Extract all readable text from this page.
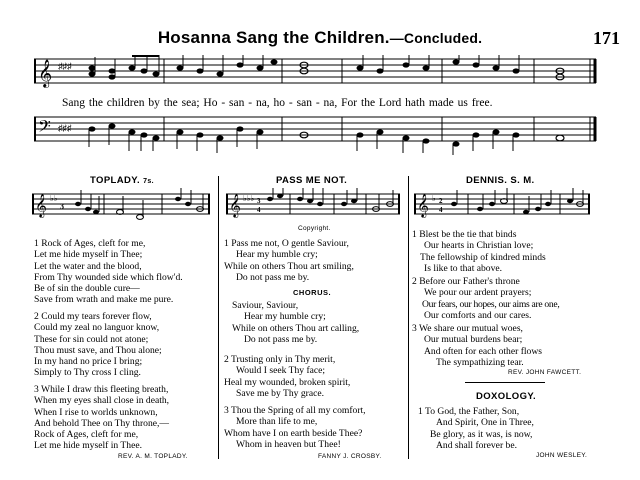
Hosanna Sang the Children.—Concluded.	171
𝄞 ♯♯♯
Sang the children by the sea; Ho - san - na, ho - san - na, For the Lord hath made us free.
𝄢 ♯♯♯
TOPLADY. 7s.
𝄞 ♭♭
3
1 Rock of Ages, cleft for me,
Let me hide myself in Thee;
Let the water and the blood,
From Thy wounded side which flow'd.
Be of sin the double cure—
Save from wrath and make me pure.
2 Could my tears forever flow,
Could my zeal no languor know,
These for sin could not atone;
Thou must save, and Thou alone;
In my hand no price I bring;
Simply to Thy cross I cling.
3 While I draw this fleeting breath,
When my eyes shall close in death,
When I rise to worlds unknown,
And behold Thee on Thy throne,—
Rock of Ages, cleft for me,
Let me hide myself in Thee.
REV. A. M. TOPLADY.
PASS ME NOT.
𝄞 ♭♭♭ 3
4
Copyright.
1 Pass me not, O gentle Saviour,
Hear my humble cry;
While on others Thou art smiling,
Do not pass me by.
CHORUS.
Saviour, Saviour,
Hear my humble cry;
While on others Thou art calling,
Do not pass me by.
2 Trusting only in Thy merit,
Would I seek Thy face;
Heal my wounded, broken spirit,
Save me by Thy grace.
3 Thou the Spring of all my comfort,
More than life to me,
Whom have I on earth beside Thee?
Whom in heaven but Thee!
FANNY J. CROSBY.
DENNIS. S. M.
𝄞 ♭ 2
4
1 Blest be the tie that binds
Our hearts in Christian love;
The fellowship of kindred minds
Is like to that above.
2 Before our Father's throne
We pour our ardent prayers;
Our fears, our hopes, our aims are one,
Our comforts and our cares.
3 We share our mutual woes,
Our mutual burdens bear;
And often for each other flows
The sympathizing tear.
REV. JOHN FAWCETT.
DOXOLOGY.
1 To God, the Father, Son,
And Spirit, One in Three,
Be glory, as it was, is now,
And shall forever be.
JOHN WESLEY.
